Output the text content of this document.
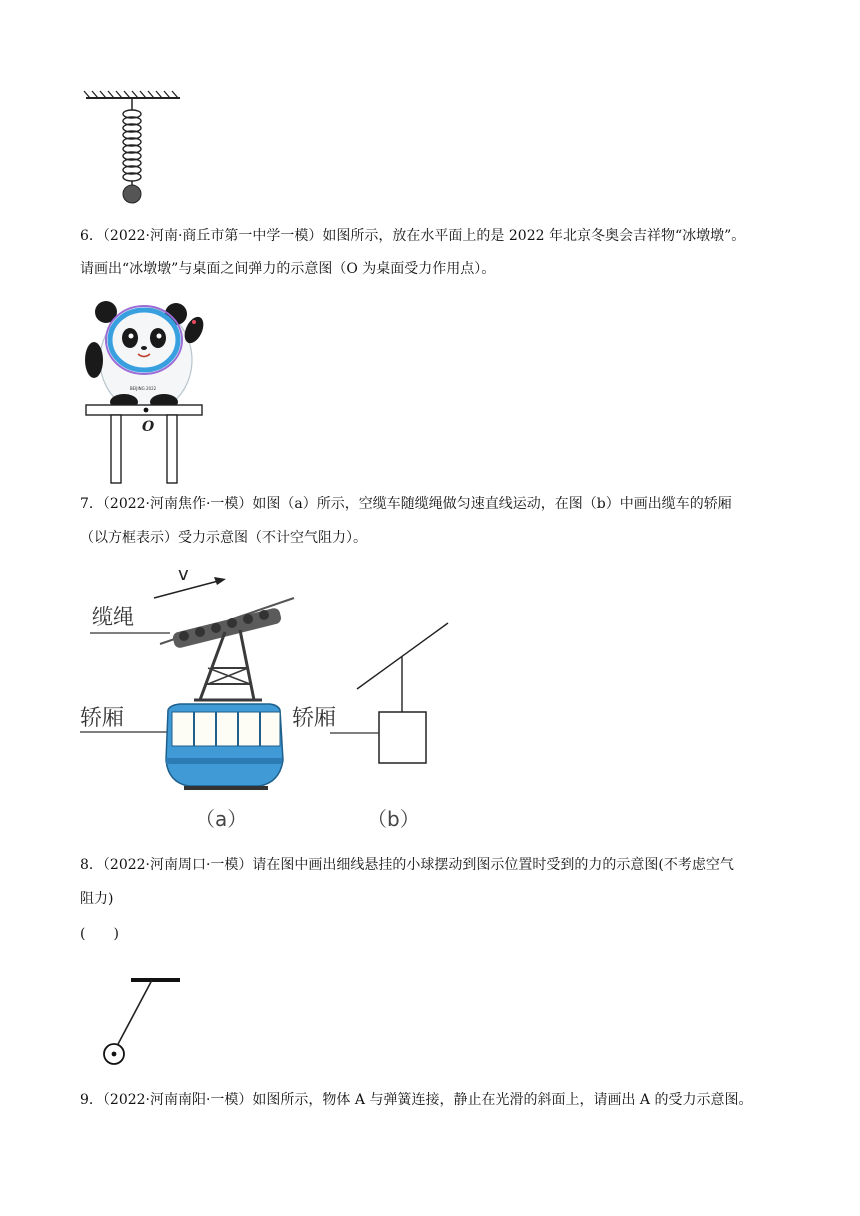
6．（2022·河南·商丘市第一中学一模）如图所示，放在水平面上的是 2022 年北京冬奥会吉祥物“冰墩墩”。
请画出“冰墩墩”与桌面之间弹力的示意图（O 为桌面受力作用点）。
BEIJING 2022
O
7．（2022·河南焦作·一模）如图（a）所示，空缆车随缆绳做匀速直线运动，在图（b）中画出缆车的轿厢
（以方框表示）受力示意图（不计空气阻力）。
v
缆绳
轿厢
（a）
轿厢
（b）
8．（2022·河南周口·一模）请在图中画出细线悬挂的小球摆动到图示位置时受到的力的示意图(不考虑空气
阻力)
(　　)
9．（2022·河南南阳·一模）如图所示，物体 A 与弹簧连接，静止在光滑的斜面上，请画出 A 的受力示意图。
